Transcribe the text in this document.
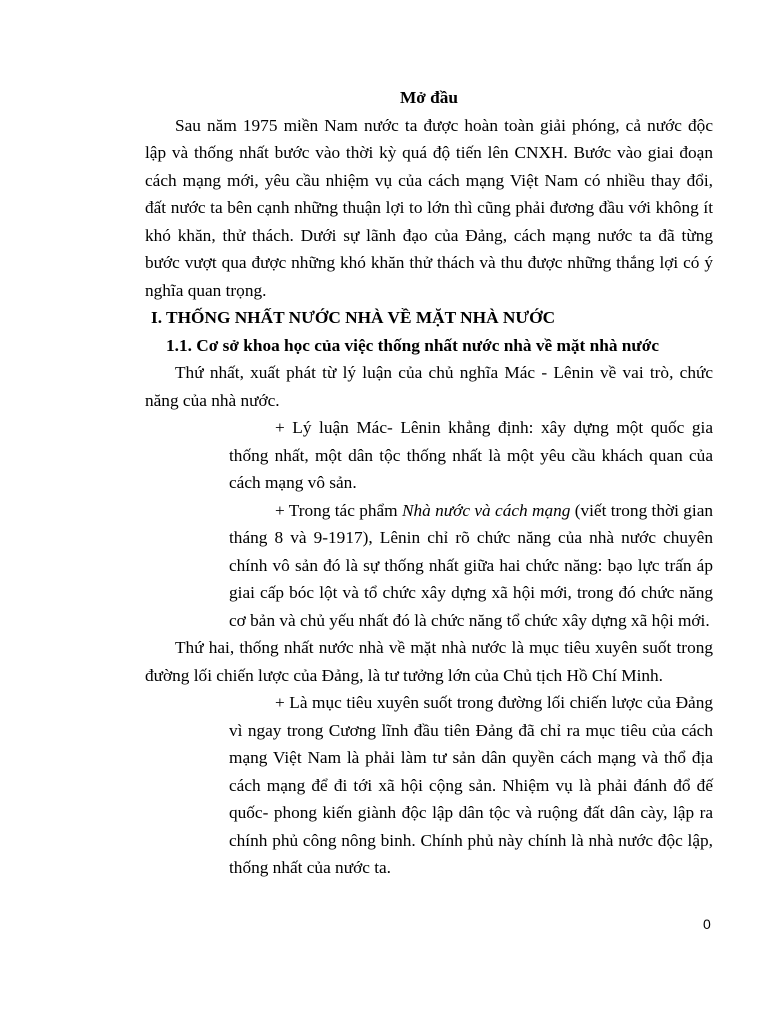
Mở đầu

Sau năm 1975 miền Nam nước ta được hoàn toàn giải phóng, cả nước độc lập và thống nhất bước vào thời kỳ quá độ tiến lên CNXH. Bước vào giai đoạn cách mạng mới, yêu cầu nhiệm vụ của cách mạng Việt Nam có nhiều thay đổi, đất nước ta bên cạnh những thuận lợi to lớn thì cũng phải đương đầu với không ít khó khăn, thử thách. Dưới sự lãnh đạo của Đảng, cách mạng nước ta đã từng bước vượt qua được những khó khăn thử thách và thu được những thắng lợi có ý nghĩa quan trọng.

I. THỐNG NHẤT NƯỚC NHÀ VỀ MẶT NHÀ NƯỚC

1.1. Cơ sở khoa học của việc thống nhất nước nhà về mặt nhà nước

Thứ nhất, xuất phát từ lý luận của chủ nghĩa Mác - Lênin về vai trò, chức năng của nhà nước.

+ Lý luận Mác- Lênin khẳng định: xây dựng một quốc gia thống nhất, một dân tộc thống nhất là một yêu cầu khách quan của cách mạng vô sản.

+ Trong tác phẩm Nhà nước và cách mạng (viết trong thời gian tháng 8 và 9-1917), Lênin chỉ rõ chức năng của nhà nước chuyên chính vô sản đó là sự thống nhất giữa hai chức năng: bạo lực trấn áp giai cấp bóc lột và tổ chức xây dựng xã hội mới, trong đó chức năng cơ bản và chủ yếu nhất đó là chức năng tổ chức xây dựng xã hội mới.

Thứ hai, thống nhất nước nhà về mặt nhà nước là mục tiêu xuyên suốt trong đường lối chiến lược của Đảng, là tư tưởng lớn của Chủ tịch Hồ Chí Minh.

+ Là mục tiêu xuyên suốt trong đường lối chiến lược của Đảng vì ngay trong Cương lĩnh đầu tiên Đảng đã chỉ ra mục tiêu của cách mạng Việt Nam là phải làm tư sản dân quyền cách mạng và thổ địa cách mạng để đi tới xã hội cộng sản. Nhiệm vụ là phải đánh đổ đế quốc- phong kiến giành độc lập dân tộc và ruộng đất dân cày, lập ra chính phủ công nông binh. Chính phủ này chính là nhà nước độc lập, thống nhất của nước ta.

0
